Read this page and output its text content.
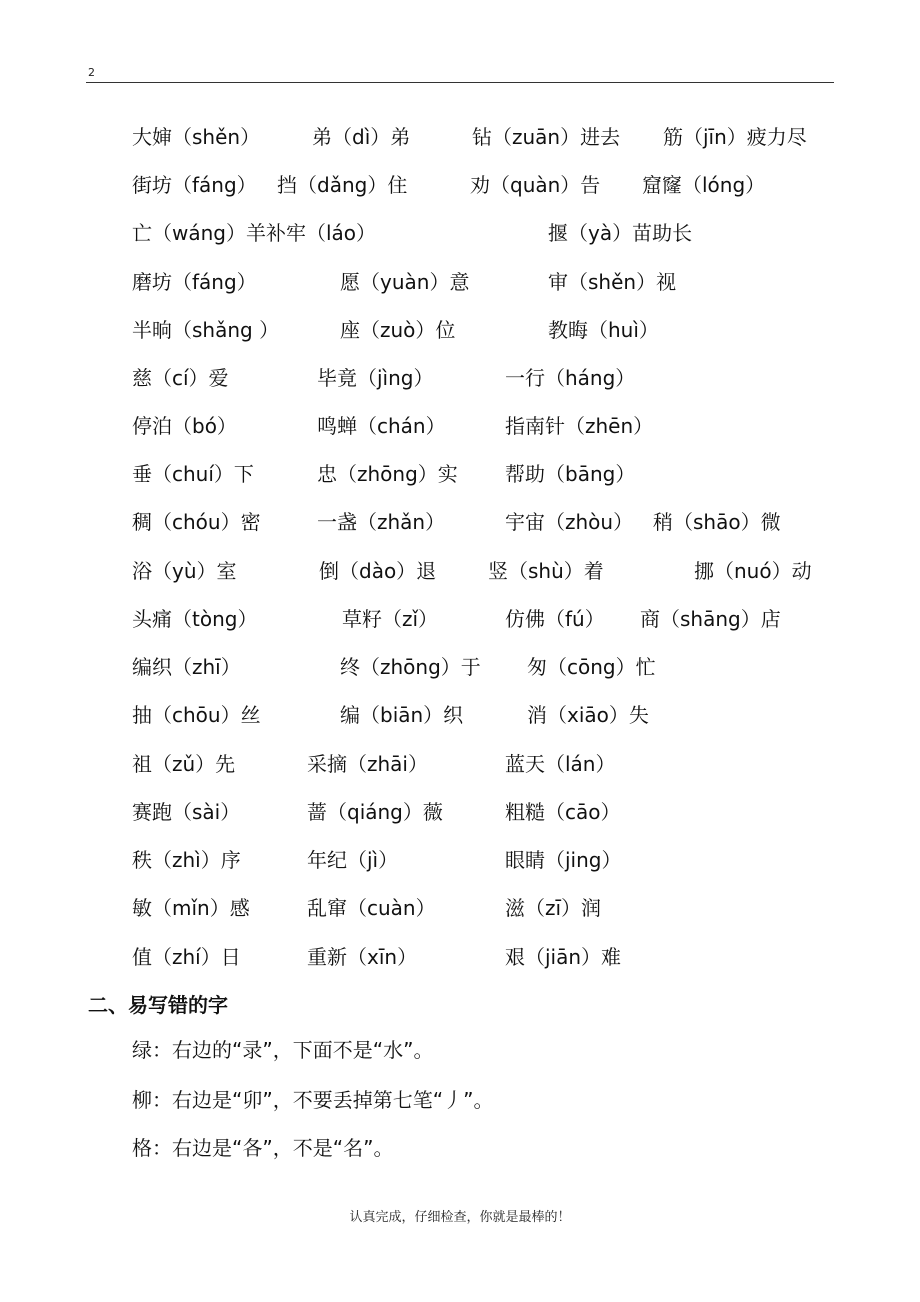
2
大婶（shěn）	弟（dì）弟	钻（zuān）进去 筋（jīn）疲力尽
街坊（fáng） 挡（dǎng）住	劝（quàn）告 窟窿（lóng）
亡（wáng）羊补牢（láo）	揠（yà）苗助长
磨坊（fáng）	愿（yuàn）意	审（shěn）视
半晌（shǎng ）	座（zuò）位	教晦（huì）
慈（cí）爱	毕竟（jìng）	一行（háng）
停泊（bó）	鸣蝉（chán）	指南针（zhēn）
垂（chuí）下	忠（zhōng）实 帮助（bāng）
稠（chóu）密	一盏（zhǎn）	宇宙（zhòu） 稍（shāo）微
浴（yù）室	倒（dào）退	竖（shù）着	挪（nuó）动
头痛（tòng）	草籽（zǐ）	仿佛（fú） 商（shāng）店
编织（zhī）	终（zhōng）于 匆（cōng）忙
抽（chōu）丝	编（biān）织	消（xiāo）失
祖（zǔ）先	采摘（zhāi）	蓝天（lán）
赛跑（sài）	蔷（qiáng）薇	粗糙（cāo）
秩（zhì）序	年纪（jì）	眼睛（jing）
敏（mǐn）感	乱窜（cuàn）	滋（zī）润
值（zhí）日	重新（xīn）	艰（jiān）难
二、易写错的字
绿：右边的“录”，下面不是“水”。
柳：右边是“卯”，不要丢掉第七笔“丿”。
格：右边是“各”，不是“名”。
认真完成，仔细检查，你就是最棒的！
